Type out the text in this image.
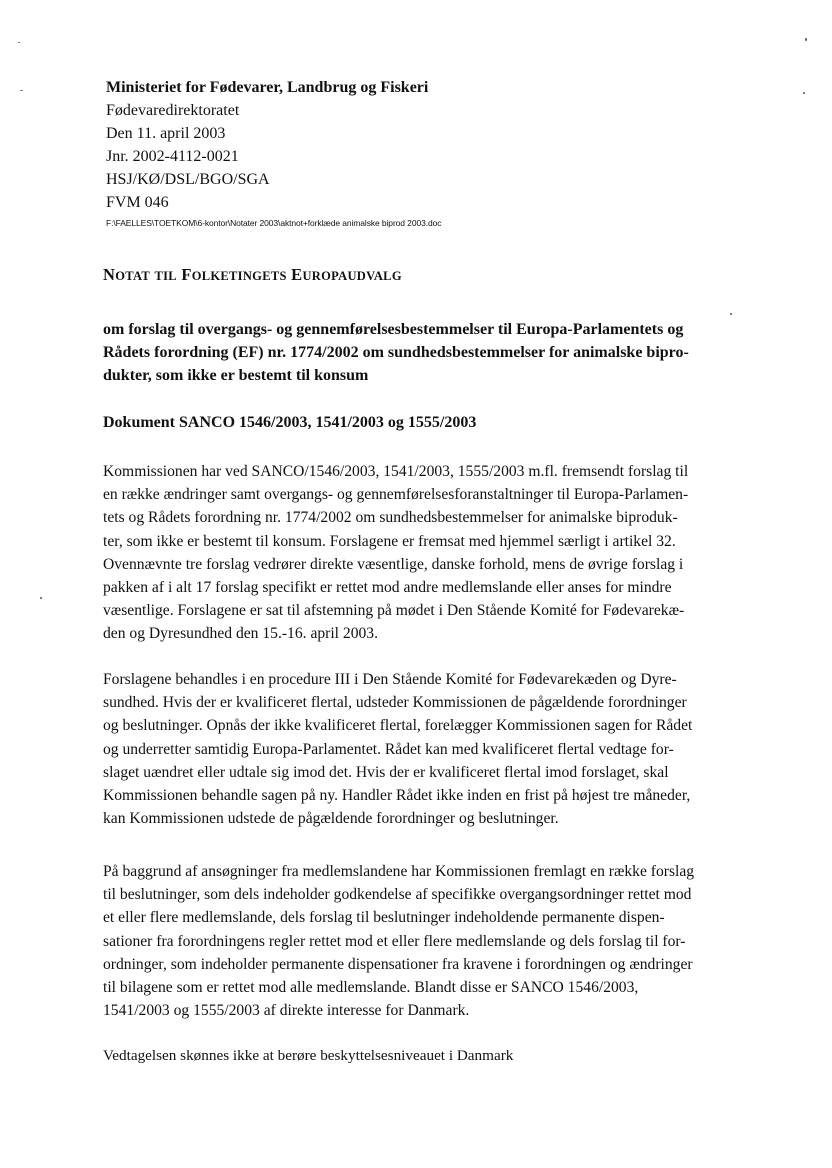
Ministeriet for Fødevarer, Landbrug og Fiskeri
Fødevaredirektoratet
Den 11. april 2003
Jnr. 2002-4112-0021
HSJ/KØ/DSL/BGO/SGA
FVM 046
F:\FAELLES\TOETKOM\6-kontor\Notater 2003\aktnot+forklæde animalske biprod 2003.doc
NOTAT TIL FOLKETINGETS EUROPAUDVALG
om forslag til overgangs- og gennemførelsesbestemmelser til Europa-Parlamentets og
Rådets forordning (EF) nr. 1774/2002 om sundhedsbestemmelser for animalske bipro-
dukter, som ikke er bestemt til konsum
Dokument SANCO 1546/2003, 1541/2003 og 1555/2003
Kommissionen har ved SANCO/1546/2003, 1541/2003, 1555/2003 m.fl. fremsendt forslag til
en række ændringer samt overgangs- og gennemførelsesforanstaltninger til Europa-Parlamen-
tets og Rådets forordning nr. 1774/2002 om sundhedsbestemmelser for animalske biproduk-
ter, som ikke er bestemt til konsum. Forslagene er fremsat med hjemmel særligt i artikel 32.
Ovennævnte tre forslag vedrører direkte væsentlige, danske forhold, mens de øvrige forslag i
pakken af i alt 17 forslag specifikt er rettet mod andre medlemslande eller anses for mindre
væsentlige. Forslagene er sat til afstemning på mødet i Den Stående Komité for Fødevarekæ-
den og Dyresundhed den 15.-16. april 2003.
Forslagene behandles i en procedure III i Den Stående Komité for Fødevarekæden og Dyre-
sundhed. Hvis der er kvalificeret flertal, udsteder Kommissionen de pågældende forordninger
og beslutninger. Opnås der ikke kvalificeret flertal, forelægger Kommissionen sagen for Rådet
og underretter samtidig Europa-Parlamentet. Rådet kan med kvalificeret flertal vedtage for-
slaget uændret eller udtale sig imod det. Hvis der er kvalificeret flertal imod forslaget, skal
Kommissionen behandle sagen på ny. Handler Rådet ikke inden en frist på højest tre måneder,
kan Kommissionen udstede de pågældende forordninger og beslutninger.
På baggrund af ansøgninger fra medlemslandene har Kommissionen fremlagt en række forslag
til beslutninger, som dels indeholder godkendelse af specifikke overgangsordninger rettet mod
et eller flere medlemslande, dels forslag til beslutninger indeholdende permanente dispen-
sationer fra forordningens regler rettet mod et eller flere medlemslande og dels forslag til for-
ordninger, som indeholder permanente dispensationer fra kravene i forordningen og ændringer
til bilagene som er rettet mod alle medlemslande. Blandt disse er SANCO 1546/2003,
1541/2003 og 1555/2003 af direkte interesse for Danmark.
Vedtagelsen skønnes ikke at berøre beskyttelsesniveauet i Danmark
